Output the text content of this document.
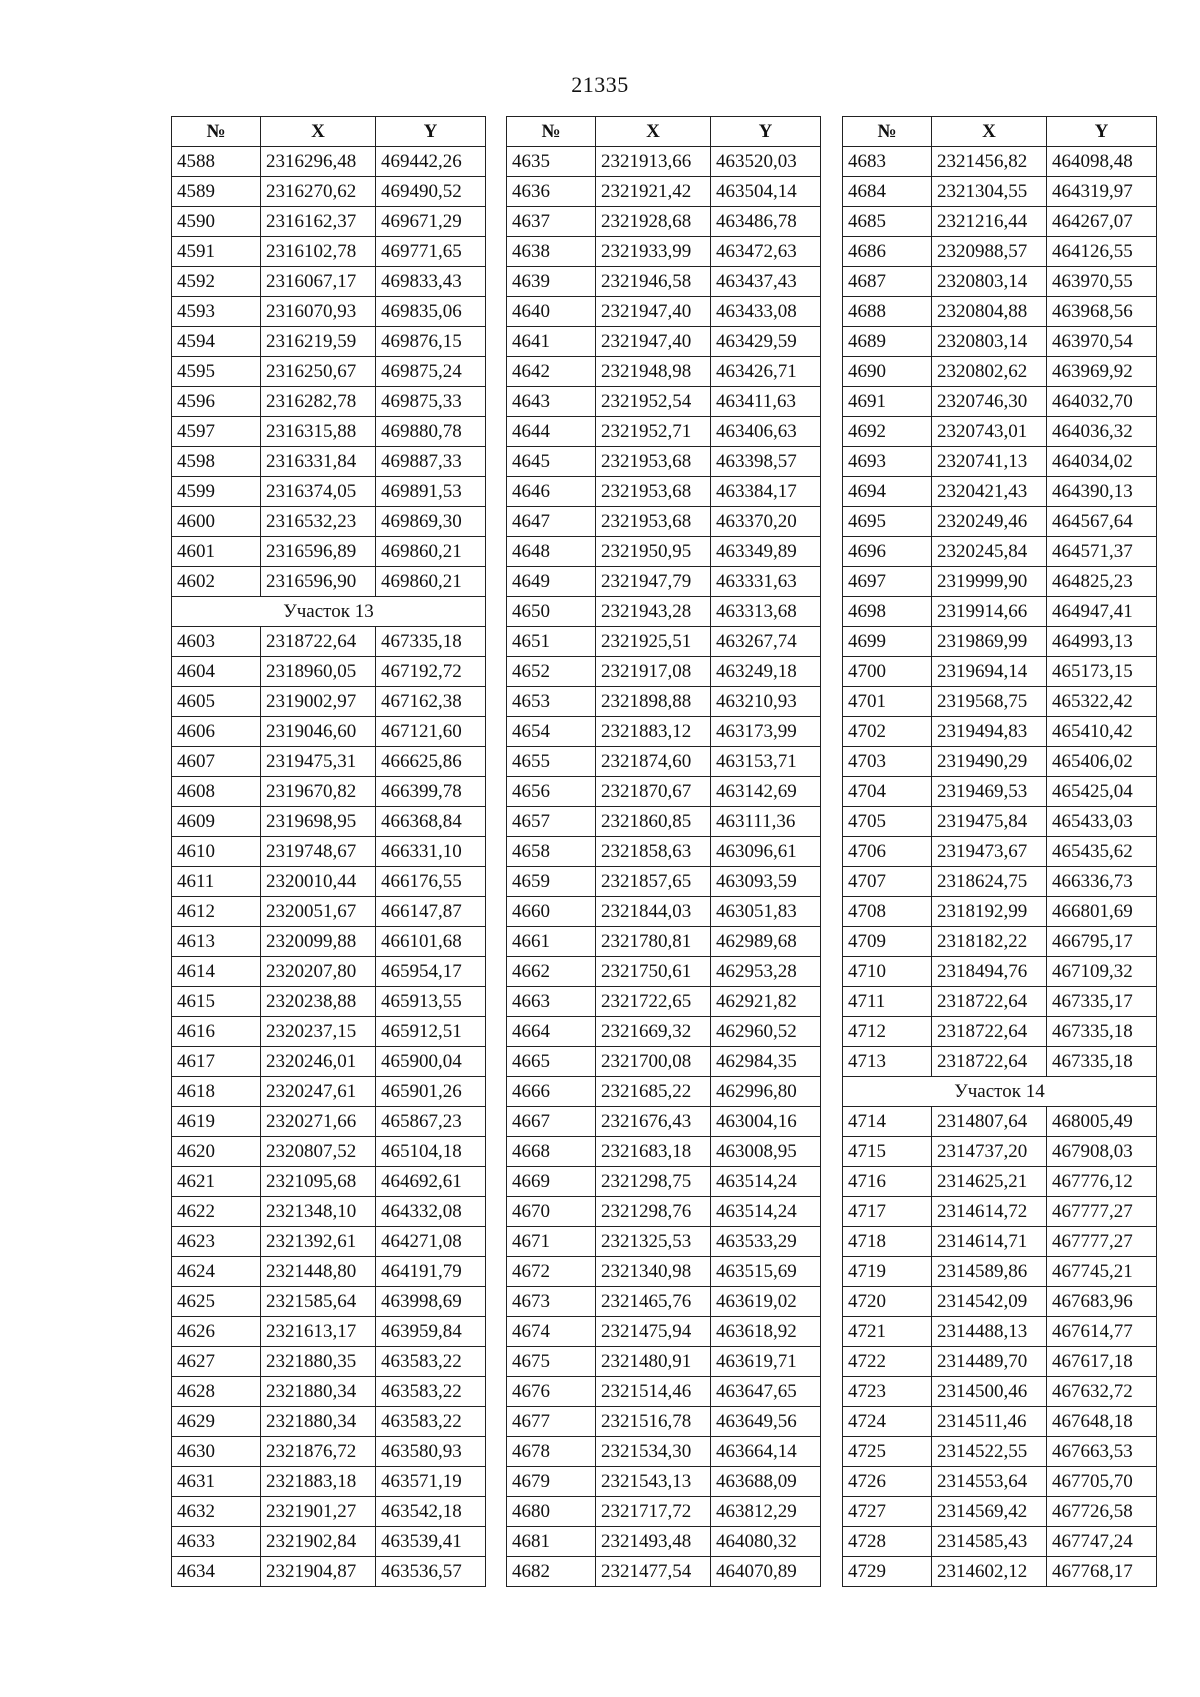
21335
№	X	Y
4588	2316296,48	469442,26
4589	2316270,62	469490,52
4590	2316162,37	469671,29
4591	2316102,78	469771,65
4592	2316067,17	469833,43
4593	2316070,93	469835,06
4594	2316219,59	469876,15
4595	2316250,67	469875,24
4596	2316282,78	469875,33
4597	2316315,88	469880,78
4598	2316331,84	469887,33
4599	2316374,05	469891,53
4600	2316532,23	469869,30
4601	2316596,89	469860,21
4602	2316596,90	469860,21
Участок 13		
4603	2318722,64	467335,18
4604	2318960,05	467192,72
4605	2319002,97	467162,38
4606	2319046,60	467121,60
4607	2319475,31	466625,86
4608	2319670,82	466399,78
4609	2319698,95	466368,84
4610	2319748,67	466331,10
4611	2320010,44	466176,55
4612	2320051,67	466147,87
4613	2320099,88	466101,68
4614	2320207,80	465954,17
4615	2320238,88	465913,55
4616	2320237,15	465912,51
4617	2320246,01	465900,04
4618	2320247,61	465901,26
4619	2320271,66	465867,23
4620	2320807,52	465104,18
4621	2321095,68	464692,61
4622	2321348,10	464332,08
4623	2321392,61	464271,08
4624	2321448,80	464191,79
4625	2321585,64	463998,69
4626	2321613,17	463959,84
4627	2321880,35	463583,22
4628	2321880,34	463583,22
4629	2321880,34	463583,22
4630	2321876,72	463580,93
4631	2321883,18	463571,19
4632	2321901,27	463542,18
4633	2321902,84	463539,41
4634	2321904,87	463536,57
№	X	Y
4635	2321913,66	463520,03
4636	2321921,42	463504,14
4637	2321928,68	463486,78
4638	2321933,99	463472,63
4639	2321946,58	463437,43
4640	2321947,40	463433,08
4641	2321947,40	463429,59
4642	2321948,98	463426,71
4643	2321952,54	463411,63
4644	2321952,71	463406,63
4645	2321953,68	463398,57
4646	2321953,68	463384,17
4647	2321953,68	463370,20
4648	2321950,95	463349,89
4649	2321947,79	463331,63
4650	2321943,28	463313,68
4651	2321925,51	463267,74
4652	2321917,08	463249,18
4653	2321898,88	463210,93
4654	2321883,12	463173,99
4655	2321874,60	463153,71
4656	2321870,67	463142,69
4657	2321860,85	463111,36
4658	2321858,63	463096,61
4659	2321857,65	463093,59
4660	2321844,03	463051,83
4661	2321780,81	462989,68
4662	2321750,61	462953,28
4663	2321722,65	462921,82
4664	2321669,32	462960,52
4665	2321700,08	462984,35
4666	2321685,22	462996,80
4667	2321676,43	463004,16
4668	2321683,18	463008,95
4669	2321298,75	463514,24
4670	2321298,76	463514,24
4671	2321325,53	463533,29
4672	2321340,98	463515,69
4673	2321465,76	463619,02
4674	2321475,94	463618,92
4675	2321480,91	463619,71
4676	2321514,46	463647,65
4677	2321516,78	463649,56
4678	2321534,30	463664,14
4679	2321543,13	463688,09
4680	2321717,72	463812,29
4681	2321493,48	464080,32
4682	2321477,54	464070,89
№	X	Y
4683	2321456,82	464098,48
4684	2321304,55	464319,97
4685	2321216,44	464267,07
4686	2320988,57	464126,55
4687	2320803,14	463970,55
4688	2320804,88	463968,56
4689	2320803,14	463970,54
4690	2320802,62	463969,92
4691	2320746,30	464032,70
4692	2320743,01	464036,32
4693	2320741,13	464034,02
4694	2320421,43	464390,13
4695	2320249,46	464567,64
4696	2320245,84	464571,37
4697	2319999,90	464825,23
4698	2319914,66	464947,41
4699	2319869,99	464993,13
4700	2319694,14	465173,15
4701	2319568,75	465322,42
4702	2319494,83	465410,42
4703	2319490,29	465406,02
4704	2319469,53	465425,04
4705	2319475,84	465433,03
4706	2319473,67	465435,62
4707	2318624,75	466336,73
4708	2318192,99	466801,69
4709	2318182,22	466795,17
4710	2318494,76	467109,32
4711	2318722,64	467335,17
4712	2318722,64	467335,18
4713	2318722,64	467335,18
Участок 14		
4714	2314807,64	468005,49
4715	2314737,20	467908,03
4716	2314625,21	467776,12
4717	2314614,72	467777,27
4718	2314614,71	467777,27
4719	2314589,86	467745,21
4720	2314542,09	467683,96
4721	2314488,13	467614,77
4722	2314489,70	467617,18
4723	2314500,46	467632,72
4724	2314511,46	467648,18
4725	2314522,55	467663,53
4726	2314553,64	467705,70
4727	2314569,42	467726,58
4728	2314585,43	467747,24
4729	2314602,12	467768,17
